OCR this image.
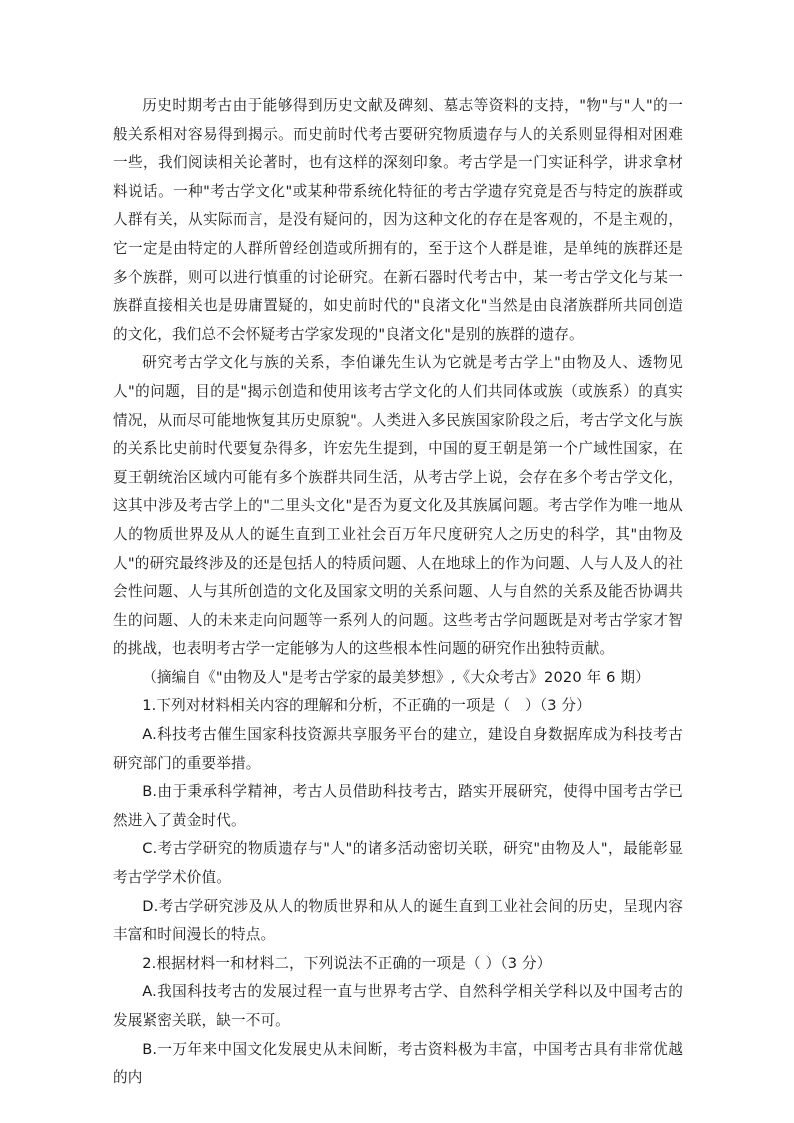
历史时期考古由于能够得到历史文献及碑刻、墓志等资料的支持，"物"与"人"的一般关系相对容易得到揭示。而史前时代考古要研究物质遗存与人的关系则显得相对困难一些，我们阅读相关论著时，也有这样的深刻印象。考古学是一门实证科学，讲求拿材料说话。一种"考古学文化"或某种带系统化特征的考古学遗存究竟是否与特定的族群或人群有关，从实际而言，是没有疑问的，因为这种文化的存在是客观的，不是主观的，它一定是由特定的人群所曾经创造或所拥有的，至于这个人群是谁，是单纯的族群还是多个族群，则可以进行慎重的讨论研究。在新石器时代考古中，某一考古学文化与某一族群直接相关也是毋庸置疑的，如史前时代的"良渚文化"当然是由良渚族群所共同创造的文化，我们总不会怀疑考古学家发现的"良渚文化"是别的族群的遗存。

研究考古学文化与族的关系，李伯谦先生认为它就是考古学上"由物及人、透物见人"的问题，目的是"揭示创造和使用该考古学文化的人们共同体或族（或族系）的真实情况，从而尽可能地恢复其历史原貌"。人类进入多民族国家阶段之后，考古学文化与族的关系比史前时代要复杂得多，许宏先生提到，中国的夏王朝是第一个广域性国家，在夏王朝统治区域内可能有多个族群共同生活，从考古学上说，会存在多个考古学文化，这其中涉及考古学上的"二里头文化"是否为夏文化及其族属问题。考古学作为唯一地从人的物质世界及从人的诞生直到工业社会百万年尺度研究人之历史的科学，其"由物及人"的研究最终涉及的还是包括人的特质问题、人在地球上的作为问题、人与人及人的社会性问题、人与其所创造的文化及国家文明的关系问题、人与自然的关系及能否协调共生的问题、人的未来走向问题等一系列人的问题。这些考古学问题既是对考古学家才智的挑战，也表明考古学一定能够为人的这些根本性问题的研究作出独特贡献。

（摘编自《"由物及人"是考古学家的最美梦想》,《大众考古》2020 年 6 期）

1.下列对材料相关内容的理解和分析，不正确的一项是（　）（3 分）

A.科技考古催生国家科技资源共享服务平台的建立，建设自身数据库成为科技考古研究部门的重要举措。

B.由于秉承科学精神，考古人员借助科技考古，踏实开展研究，使得中国考古学已然进入了黄金时代。

C.考古学研究的物质遗存与"人"的诸多活动密切关联，研究"由物及人"，最能彰显考古学学术价值。

D.考古学研究涉及从人的物质世界和从人的诞生直到工业社会间的历史，呈现内容丰富和时间漫长的特点。

2.根据材料一和材料二，下列说法不正确的一项是（ ）（3 分）

A.我国科技考古的发展过程一直与世界考古学、自然科学相关学科以及中国考古的发展紧密关联，缺一不可。

B.一万年来中国文化发展史从未间断，考古资料极为丰富，中国考古具有非常优越的内
